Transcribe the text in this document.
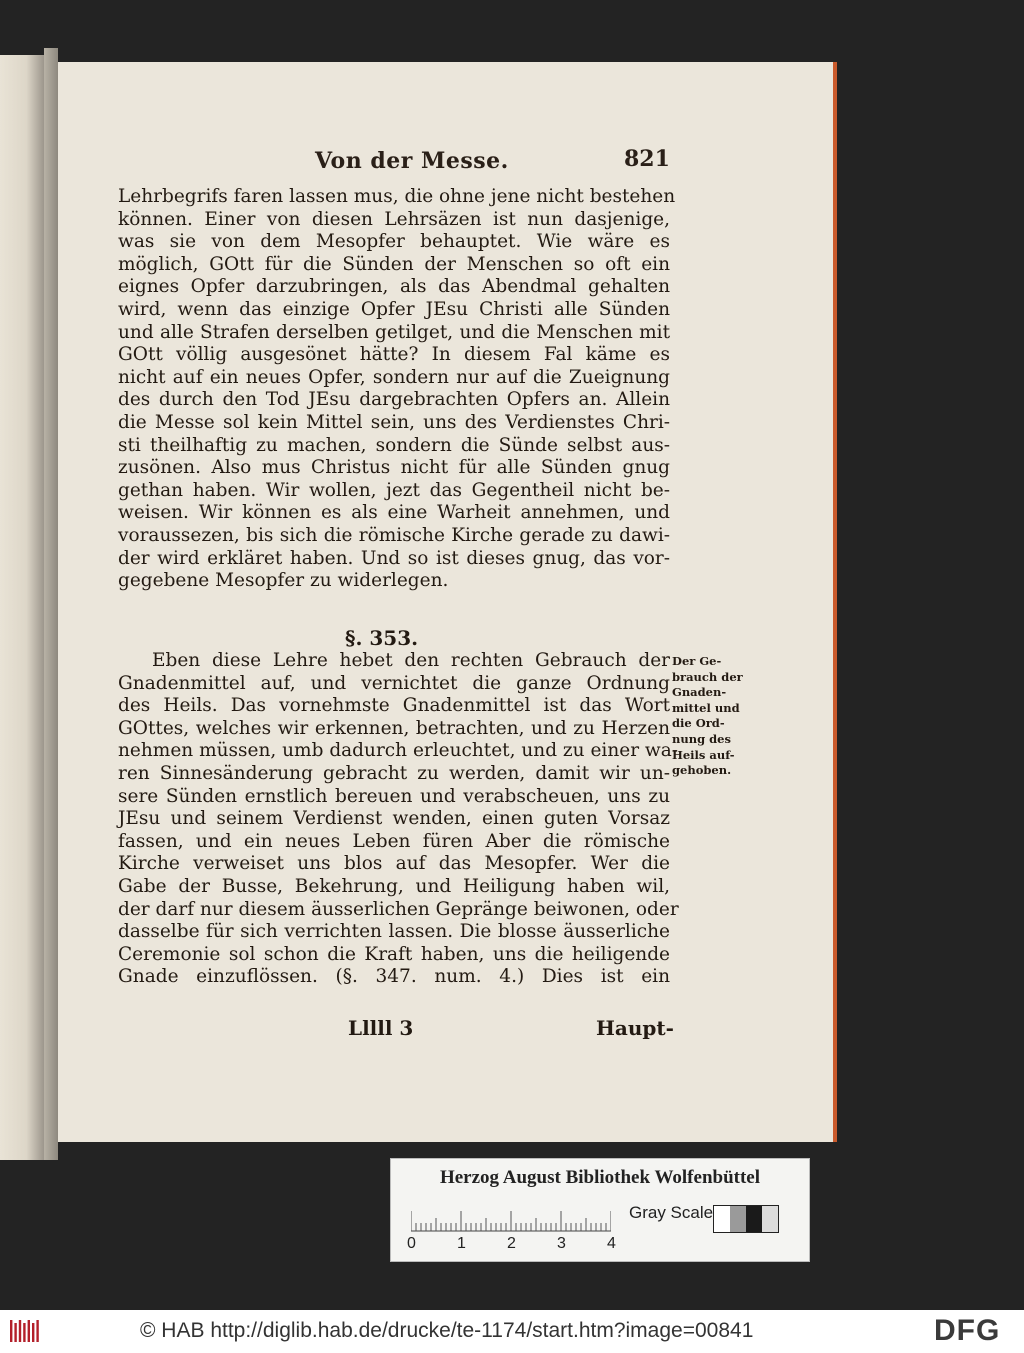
Von der Messe.	821
Lehrbegrifs faren lassen mus, die ohne jene nicht bestehen
können. Einer von diesen Lehrsäzen ist nun dasjenige,
was sie von dem Mesopfer behauptet. Wie wäre es
möglich, GOtt für die Sünden der Menschen so oft ein
eignes Opfer darzubringen, als das Abendmal gehalten
wird, wenn das einzige Opfer JEsu Christi alle Sünden
und alle Strafen derselben getilget, und die Menschen mit
GOtt völlig ausgesönet hätte? In diesem Fal käme es
nicht auf ein neues Opfer, sondern nur auf die Zueignung
des durch den Tod JEsu dargebrachten Opfers an. Allein
die Messe sol kein Mittel sein, uns des Verdienstes Chri-
sti theilhaftig zu machen, sondern die Sünde selbst aus-
zusönen. Also mus Christus nicht für alle Sünden gnug
gethan haben. Wir wollen, jezt das Gegentheil nicht be-
weisen. Wir können es als eine Warheit annehmen, und
voraussezen, bis sich die römische Kirche gerade zu dawi-
der wird erkläret haben. Und so ist dieses gnug, das vor-
gegebene Mesopfer zu widerlegen.
§. 353.
Eben diese Lehre hebet den rechten Gebrauch der
Gnadenmittel auf, und vernichtet die ganze Ordnung
des Heils. Das vornehmste Gnadenmittel ist das Wort
GOttes, welches wir erkennen, betrachten, und zu Herzen
nehmen müssen, umb dadurch erleuchtet, und zu einer wa-
ren Sinnesänderung gebracht zu werden, damit wir un-
sere Sünden ernstlich bereuen und verabscheuen, uns zu
JEsu und seinem Verdienst wenden, einen guten Vorsaz
fassen, und ein neues Leben füren Aber die römische
Kirche verweiset uns blos auf das Mesopfer. Wer die
Gabe der Busse, Bekehrung, und Heiligung haben wil,
der darf nur diesem äusserlichen Gepränge beiwonen, oder
dasselbe für sich verrichten lassen. Die blosse äusserliche
Ceremonie sol schon die Kraft haben, uns die heiligende
Gnade einzuflössen. (§. 347. num. 4.) Dies ist ein
Der Ge-
brauch der
Gnaden-
mittel und
die Ord-
nung des
Heils auf-
gehoben.
Lllll 3	Haupt-
Herzog August Bibliothek Wolfenbüttel
0	1	2	3	4
Gray Scale
© HAB http://diglib.hab.de/drucke/te-1174/start.htm?image=00841	DFG
